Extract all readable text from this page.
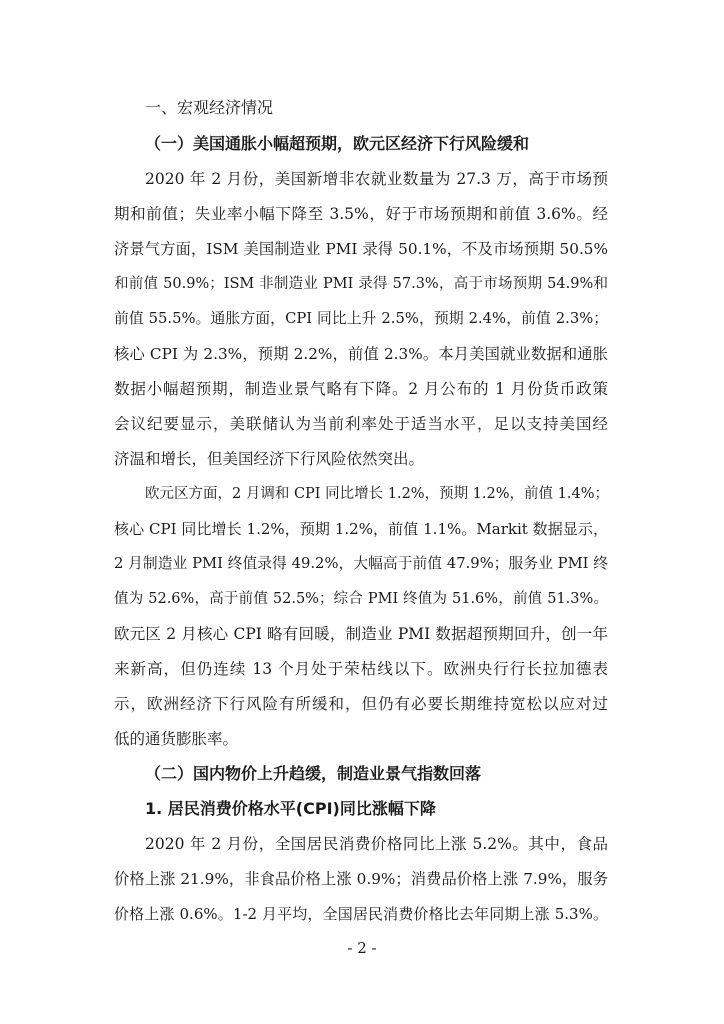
一、宏观经济情况
（一）美国通胀小幅超预期，欧元区经济下行风险缓和
2020 年 2 月份，美国新增非农就业数量为 27.3 万，高于市场预
期和前值；失业率小幅下降至 3.5%，好于市场预期和前值 3.6%。经
济景气方面，ISM 美国制造业 PMI 录得 50.1%，不及市场预期 50.5%
和前值 50.9%；ISM 非制造业 PMI 录得 57.3%，高于市场预期 54.9%和
前值 55.5%。通胀方面，CPI 同比上升 2.5%，预期 2.4%，前值 2.3%；
核心 CPI 为 2.3%，预期 2.2%，前值 2.3%。本月美国就业数据和通胀
数据小幅超预期，制造业景气略有下降。2 月公布的 1 月份货币政策
会议纪要显示，美联储认为当前利率处于适当水平，足以支持美国经
济温和增长，但美国经济下行风险依然突出。
欧元区方面，2 月调和 CPI 同比增长 1.2%，预期 1.2%，前值 1.4%；
核心 CPI 同比增长 1.2%，预期 1.2%，前值 1.1%。Markit 数据显示，
2 月制造业 PMI 终值录得 49.2%，大幅高于前值 47.9%；服务业 PMI 终
值为 52.6%，高于前值 52.5%；综合 PMI 终值为 51.6%，前值 51.3%。
欧元区 2 月核心 CPI 略有回暖，制造业 PMI 数据超预期回升，创一年
来新高，但仍连续 13 个月处于荣枯线以下。欧洲央行行长拉加德表
示，欧洲经济下行风险有所缓和，但仍有必要长期维持宽松以应对过
低的通货膨胀率。
（二）国内物价上升趋缓，制造业景气指数回落
1. 居民消费价格水平(CPI)同比涨幅下降
2020 年 2 月份，全国居民消费价格同比上涨 5.2%。其中，食品
价格上涨 21.9%，非食品价格上涨 0.9%；消费品价格上涨 7.9%，服务
价格上涨 0.6%。1-2 月平均，全国居民消费价格比去年同期上涨 5.3%。
- 2 -
